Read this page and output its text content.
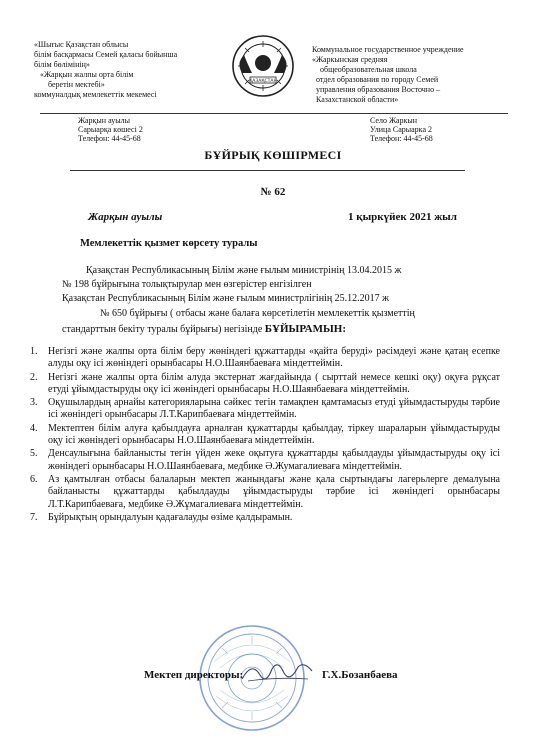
«Шығыс Қазақстан облысы
білім басқармасы Семей қаласы бойынша
білім бөлімінің»
«Жарқын жалпы орта білім
беретін мектебі»
коммуналдық мемлекеттік мекемесі
ҚАЗАҚСТАН
Коммунальное государственное учреждение
«Жаркынская средняя
общеобразовательная школа
отдел образования по городу Семей
управления образования Восточно –
Казахстанской области»
Жарқын ауылы
Сарыарқа көшесі 2
Телефон: 44-45-68
Село Жаркын
Улица Сарыарка 2
Телефон: 44-45-68
БҰЙРЫҚ КӨШІРМЕСІ
№ 62
Жарқын ауылы	1 қыркүйек 2021 жыл
Мемлекеттік қызмет көрсету туралы
Қазақстан Республикасының Білім және ғылым министрінің 13.04.2015 ж
№ 198 бұйрығына толықтырулар мен өзгерістер енгізілген
Қазақстан Республикасының Білім және ғылым министрлігінің 25.12.2017 ж
№ 650 бұйрығы ( отбасы және балаға көрсетілетін мемлекеттік қызметтің
стандарттын бекіту туралы бұйрығы) негізінде БҰЙЫРАМЫН:
1.	Негізгі және жалпы орта білім беру жөніндегі құжаттарды «қайта беруді» рәсімдеуі және қатаң есепке алуды оқу ісі жөніндегі орынбасары Н.О.Шаянбаеваға міндеттеймін.
2.	Негізгі және жалпы орта білім алуда экстернат жағдайында ( сырттай немесе кешкі оқу) оқуға рұқсат етуді ұйымдастыруды оқу ісі жөніндегі орынбасары Н.О.Шаянбаеваға міндеттеймін.
3.	Оқушылардың арнайы категорияларына сәйкес тегін тамақпен қамтамасыз етуді ұйымдастыруды тәрбие ісі жөніндегі орынбасары Л.Т.Карипбаеваға міндеттеймін.
4.	Мектептен білім алуға қабылдауға арналған құжаттарды қабылдау, тіркеу шараларын ұйымдастыруды оқу ісі жөніндегі орынбасары Н.О.Шаянбаеваға міндеттеймін.
5.	Денсаулығына байланысты тегін үйден жеке оқытуға құжаттарды қабылдауды ұйымдастыруды оқу ісі жөніндегі орынбасары Н.О.Шаянбаеваға, медбике Ә.Жумагалиеваға міндеттеймін.
6.	Аз қамтылған отбасы балаларын мектеп жанындағы және қала сыртындағы лагерьлерге демалуына байланысты құжаттарды қабылдауды ұйымдастыруды тәрбие ісі жөніндегі орынбасары Л.Т.Карипбаеваға, медбике Ә.Жұмагалиеваға міндеттеймін.
7.	Бұйрықтың орындалуын қадағалауды өзіме қалдырамын.
Мектеп директоры:	Г.Х.Бозанбаева
